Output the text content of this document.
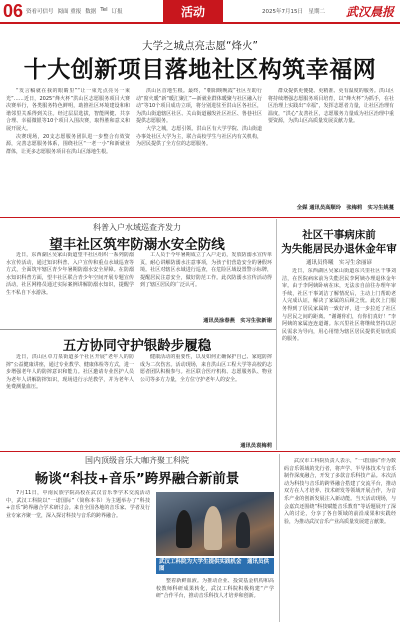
06 资看可信号 阅面 重报 数据 Tel 订报	活动	2025年7月15日　星期二 武汉晨报
大学之城点亮志愿“烽火”
十大创新项目落地社区构筑幸福网

“发言稿就在我的眼睛里”“让一束光点亮另一束光”……近日，2025“烽火杯”洪山区志愿服务项目大赛决赛举行，各类服务特色鲜明，助推社区环境建设和和谐邻里关系得到关注。经过层层选拔，智能网健、共享合理、幸福微银等10个项目入围决赛，取得胜和意义和展开展大。

决赛现场，20支志愿服务团队进一步整合有效资源，完善志愿服务体系，围绕社区“一老一小”和新就业群体，让更多志愿服务项目在洪山区落地生根。

洪山区首地生根。最终，“朝阳映晚霞”社区互助行动“窗火暖”新“暖汇聚汇”—新就业群体暖聚与社区融入行动”等10个项目成功立项，将分别进驻至洪山区各社区，为洪山街道辖区社区、关山街道融发社区社区、鲁巷社区提供志愿服务。

大学之城，志愿引领。洪山区有大学学院、洪山街道办事处社区大学为主，联合高校学生与社区内有关机构，为居民提供了全方位的志愿服务。

群众提供更便捷、更精准、更有温度的服务。洪山区将持续增强志愿服务项目培育，以“烽火杯”为抓手，在社区治理上实践出“幸福”，发挥志愿者力量，让社区治理有温度，“洪心”友善社区，志愿服务力量成为社区治理中重要资源，为洪山区高质量发展贡献力量。

全媒 通讯员高顺玲　张梅莉　实习生姚蔓
科普入户水域巡查齐发力
望丰社区筑牢防溺水安全防线

近日，东西湖区吴家山街道望丰社区组织一系列防溺水宣传活动，通过知识科普、入户宣传和重点水域巡查等方式，全面筑牢辖区青少年暑期防溺水安全屏障。在防溺水知识科普方面，望丰社区联合青少年空间开展专题宣传活动，社区网格员通过实际案例讲解防溺水知识，提醒学生不私自下水游泳。

工人员于今年暑期成立了入户走访，发放防溺水宣传单页，耐心讲解防溺水注意事项，为孩子们营造安全的暑假环境。社区对辖区水域进行巡查，在危险区域设置警示标牌，提醒居民注意安全，做好防范工作。此次防溺水宣传活动得到了辖区居民的广泛认可。

通讯员涂春燕　实习生张新谢
五方协同守护银龄步履稳

近日，洪山区卓刀泉街道多个社区开展“老年人的防摔”公益健康讲座，通过专业教学、健康体检等方式，进一步增强老年人的防摔意识和能力。社区邀请专业医护人员为老年人讲解防摔知识，现场进行示范教学，并为老年人免费测量血压。

健康活动的重要性，以及如何正确保护自己、家庭防摔成为二次伤害。活动现场，来自洪山区工程大学等高校的志愿者团队积极参与。社区联合医疗机构、志愿服务队、物业公司等多方力量，全方位守护老年人的安全。

通讯员袁梅莉
社区干事病床前
为失能居民办退休金年审
通讯员佟曦　实习生余丽谚

近日，东西湖区吴家山街道东兴里社区干事刘洁，在医院病床前为失能居民李阿姨办理退休金年审。由于李阿姨卧病在床，无法亲自前往办理年审手续，社区干事刘洁了解情况后，主动上门帮助老人完成认证，解决了家属的后顾之忧。此次上门服务得到了居民家属的一致好评，进一步拉近了社区与居民之间的距离。“谢谢你们，有你们真好！”李阿姨的家属连连道谢。东兴里社区将继续坚持以居民需求为导向，用心用情为辖区居民提供更加优质的服务。

国内顶级音乐大咖齐聚工科院
畅谈“科技+音乐”跨界融合新前景

7月11日，中南民族学院高校在武汉音乐季学术交流活动中，武汉工科院以“一诺国际”（简称本书）为主题举办了“科技+音乐”跨界融合学术研讨会。来自全国各地的音乐家、学者及行业专家齐聚一堂，深入探讨科技与音乐的跨界融合。

武汉工科院为大学生提供实践机会　通讯员供图

整着新鲜血液。为推动企业、投资基金机构和高校教师科研成果转化，武汉工科院积极构建“产学研”合作平台，推动音乐科技人才培养和创新。

武汉市工科院负责人表示，“一诺国际”作为数码音乐领域的先行者，将声学、半导体技术与音乐制作深度融合，开发了多款音乐科技产品。本次活动为科技与音乐的跨界融合搭建了交流平台，推动双方在人才培养、技术研发等领域开展合作，为音乐产业的创新发展注入新动能。当天活动现场，与会嘉宾还围绕“科技赋能音乐教育”等话题展开了深入的讨论，分享了各自领域的前沿成果和实践经验，为推动武汉音乐产业高质量发展建言献策。
